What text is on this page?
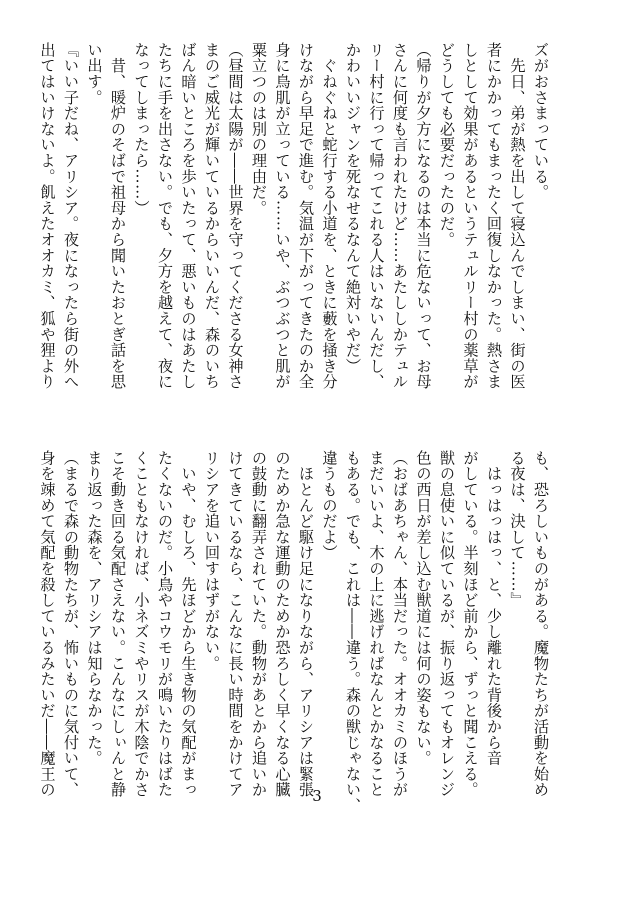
ズがおさまっている。
　先日、弟が熱を出して寝込んでしまい、街の医
者にかかってもまったく回復しなかった。熱さま
しとして効果があるというテュルリー村の薬草が
どうしても必要だったのだ。
（帰りが夕方になるのは本当に危ないって、お母
さんに何度も言われたけど……あたししかテュル
リー村に行って帰ってこれる人はいないんだし、
かわいいジャンを死なせるなんて絶対いやだ）
　ぐねぐねと蛇行する小道を、ときに藪を掻き分
けながら早足で進む。気温が下がってきたのか全
身に鳥肌が立っている……いや、ぶつぶつと肌が
粟立つのは別の理由だ。
（昼間は太陽が――世界を守ってくださる女神さ
まのご威光が輝いているからいいんだ、森のいち
ばん暗いところを歩いたって、悪いものはあたし
たちに手を出さない。でも、夕方を越えて、夜に
なってしまったら……）
　昔、暖炉のそばで祖母から聞いたおとぎ話を思
い出す。
『いい子だね、アリシア。夜になったら街の外へ
出てはいけないよ。飢えたオオカミ、狐や狸より
も、恐ろしいものがある。魔物たちが活動を始め
る夜は、決して……』
　はっはっはっ、と、少し離れた背後から音
がしている。半刻ほど前から、ずっと聞こえる。
獣の息使いに似ているが、振り返ってもオレンジ
色の西日が差し込む獣道には何の姿もない。
（おばあちゃん、本当だった。オオカミのほうが
まだいいよ、木の上に逃げればなんとかなること
もある。でも、これは――違う。森の獣じゃない、
違うものだよ）
　ほとんど駆け足になりながら、アリシアは緊張
のためか急な運動のためか恐ろしく早くなる心臓
の鼓動に翻弄されていた。動物があとから追いか
けてきているなら、こんなに長い時間をかけてア
リシアを追い回すはずがない。
　いや、むしろ、先ほどから生き物の気配がまっ
たくないのだ。小鳥やコウモリが鳴いたりはばた
くこともなければ、小ネズミやリスが木陰でかさ
こそ動き回る気配さえない。こんなにしぃんと静
まり返った森を、アリシアは知らなかった。
（まるで森の動物たちが、怖いものに気付いて、
身を竦めて気配を殺しているみたいだ――魔王の	3
